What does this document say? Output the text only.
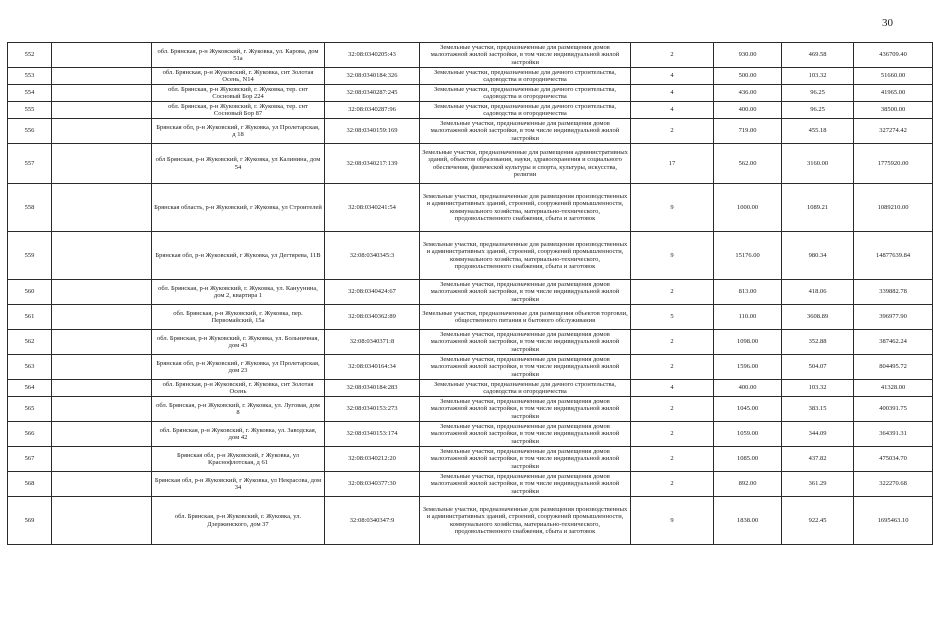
30
552		обл. Брянская, р-н Жуковский, г. Жуковка, ул. Карова, дом 51а	32:08:0340205:43	Земельные участки, предназначенные для размещения домов малоэтажной жилой застройки, в том числе индивидуальной жилой застройки	2	930.00	469.58	436709.40
553		обл. Брянская, р-н Жуковский, г. Жуковка, снт Золотая Осень, N14	32:08:0340184:326	Земельные участки, предназначенные для дачного строительства, садоводства и огородничества	4	500.00	103.32	51660.00
554		обл. Брянская, р-н Жуковский, г. Жуковка, тер. снт Сосновый Бор 224	32:08:0340287:245	Земельные участки, предназначенные для дачного строительства, садоводства и огородничества	4	436.00	96.25	41965.00
555		обл. Брянская, р-н Жуковский, г. Жуковка, тер. снт Сосновый Бор 87	32:08:0340287:96	Земельные участки, предназначенные для дачного строительства, садоводства и огородничества	4	400.00	96.25	38500.00
556		Брянская обл, р-н Жуковский, г Жуковка, ул Пролетарская, д 18	32:08:0340159:169	Земельные участки, предназначенные для размещения домов малоэтажной жилой застройки, в том числе индивидуальной жилой застройки	2	719.00	455.18	327274.42
557		обл Брянская, р-н Жуковский, г Жуковка, ул Калинина, дом 54	32:08:0340217:139	Земельные участки, предназначенные для размещения административных зданий, объектов образования, науки, здравоохранения и социального обеспечения, физической культуры и спорта, культуры, искусства, религии	17	562.00	3160.00	1775920.00
558		Брянская область, р-н Жуковский, г Жуковка, ул Строителей	32:08:0340241:54	Земельные участки, предназначенные для размещения производственных и административных зданий, строений, сооружений промышленности, коммунального хозяйства, материально-технического, продовольственного снабжения, сбыта и заготовок	9	1000.00	1089.21	1089210.00
559		Брянская обл, р-н Жуковский, г Жуковка, ул Дегтярева, 11В	32:08:0340345:3	Земельные участки, предназначенные для размещения производственных и административных зданий, строений, сооружений промышленности, коммунального хозяйства, материально-технического, продовольственного снабжения, сбыта и заготовок	9	15176.00	980.34	14877639.84
560		обл. Брянская, р-н Жуковский, г. Жуковка, ул. Кануунина, дом 2, квартира 1	32:08:0340424:67	Земельные участки, предназначенные для размещения домов малоэтажной жилой застройки, в том числе индивидуальной жилой застройки	2	813.00	418.06	339882.78
561		обл. Брянская, р-н Жуковский, г. Жуковка, пер. Первомайский, 15а	32:08:0340362:89	Земельные участки, предназначенные для размещения объектов торговли, общественного питания и бытового обслуживания	5	110.00	3608.89	396977.90
562		обл. Брянская, р-н Жуковский, г. Жуковка, ул. Больничная, дом 43	32:08:0340371:8	Земельные участки, предназначенные для размещения домов малоэтажной жилой застройки, в том числе индивидуальной жилой застройки	2	1098.00	352.88	387462.24
563		Брянская обл, р-н Жуковский, г Жуковка, ул Пролетарская, дом 23	32:08:0340164:34	Земельные участки, предназначенные для размещения домов малоэтажной жилой застройки, в том числе индивидуальной жилой застройки	2	1596.00	504.07	804495.72
564		обл. Брянская, р-н Жуковский, г. Жуковка, снт Золотая Осень	32:08:0340184:283	Земельные участки, предназначенные для дачного строительства, садоводства и огородничества	4	400.00	103.32	41328.00
565		обл. Брянская, р-н Жуковский, г. Жуковка, ул. Луговая, дом 8	32:08:0340153:273	Земельные участки, предназначенные для размещения домов малоэтажной жилой застройки, в том числе индивидуальной жилой застройки	2	1045.00	383.15	400391.75
566		обл. Брянская, р-н Жуковский, г. Жуковка, ул. Заводская, дом 42	32:08:0340153:174	Земельные участки, предназначенные для размещения домов малоэтажной жилой застройки, в том числе индивидуальной жилой застройки	2	1059.00	344.09	364391.31
567		Брянская обл, р-н Жуковский, г Жуковка, ул Краснофлотская, д 61	32:08:0340212:20	Земельные участки, предназначенные для размещения домов малоэтажной жилой застройки, в том числе индивидуальной жилой застройки	2	1085.00	437.82	475034.70
568		Брянская обл, р-н Жуковский, г Жуковка, ул Некрасова, дом 34	32:08:0340377:30	Земельные участки, предназначенные для размещения домов малоэтажной жилой застройки, в том числе индивидуальной жилой застройки	2	892.00	361.29	322270.68
569		обл. Брянская, р-н Жуковский, г. Жуковка, ул. Дзержинского, дом 37	32:08:0340347:9	Земельные участки, предназначенные для размещения производственных и административных зданий, строений, сооружений промышленности, коммунального хозяйства, материально-технического, продовольственного снабжения, сбыта и заготовок	9	1838.00	922.45	1695463.10
